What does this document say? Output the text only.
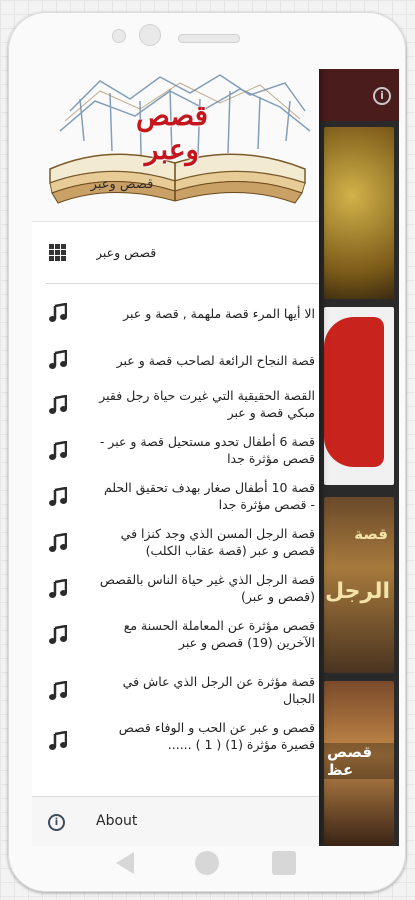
i
قصة
الرجل
قصص عظ
قصص
وعبر
قصص وعبر
قصص وعبر
الا أيها المرء قصة ملهمة , قصة و عبر
قصة النجاح الرائعة لصاحب قصة و عبر
القصة الحقيقية التي غيرت حياة رجل فقير مبكي قصة و عبر
قصة 6 أطفال تحدو مستحيل قصة و عبر - قصص مؤثرة جدا
قصة 10 أطفال صغار بهدف تحقيق الحلم - قصص مؤثرة جدا
قصة الرجل المسن الذي وجد كنزا في قصص و عبر (قصة عقاب الكلب)
قصة الرجل الذي غير حياة الناس بالقصص (قصص و عبر)
قصص مؤثرة عن المعاملة الحسنة مع الآخرين (19) قصص و عبر
قصة مؤثرة عن الرجل الذي عاش في الجبال
قصص و عبر عن الحب و الوفاء قصص قصيرة مؤثرة (1) ( 1 ) ......
i	About
